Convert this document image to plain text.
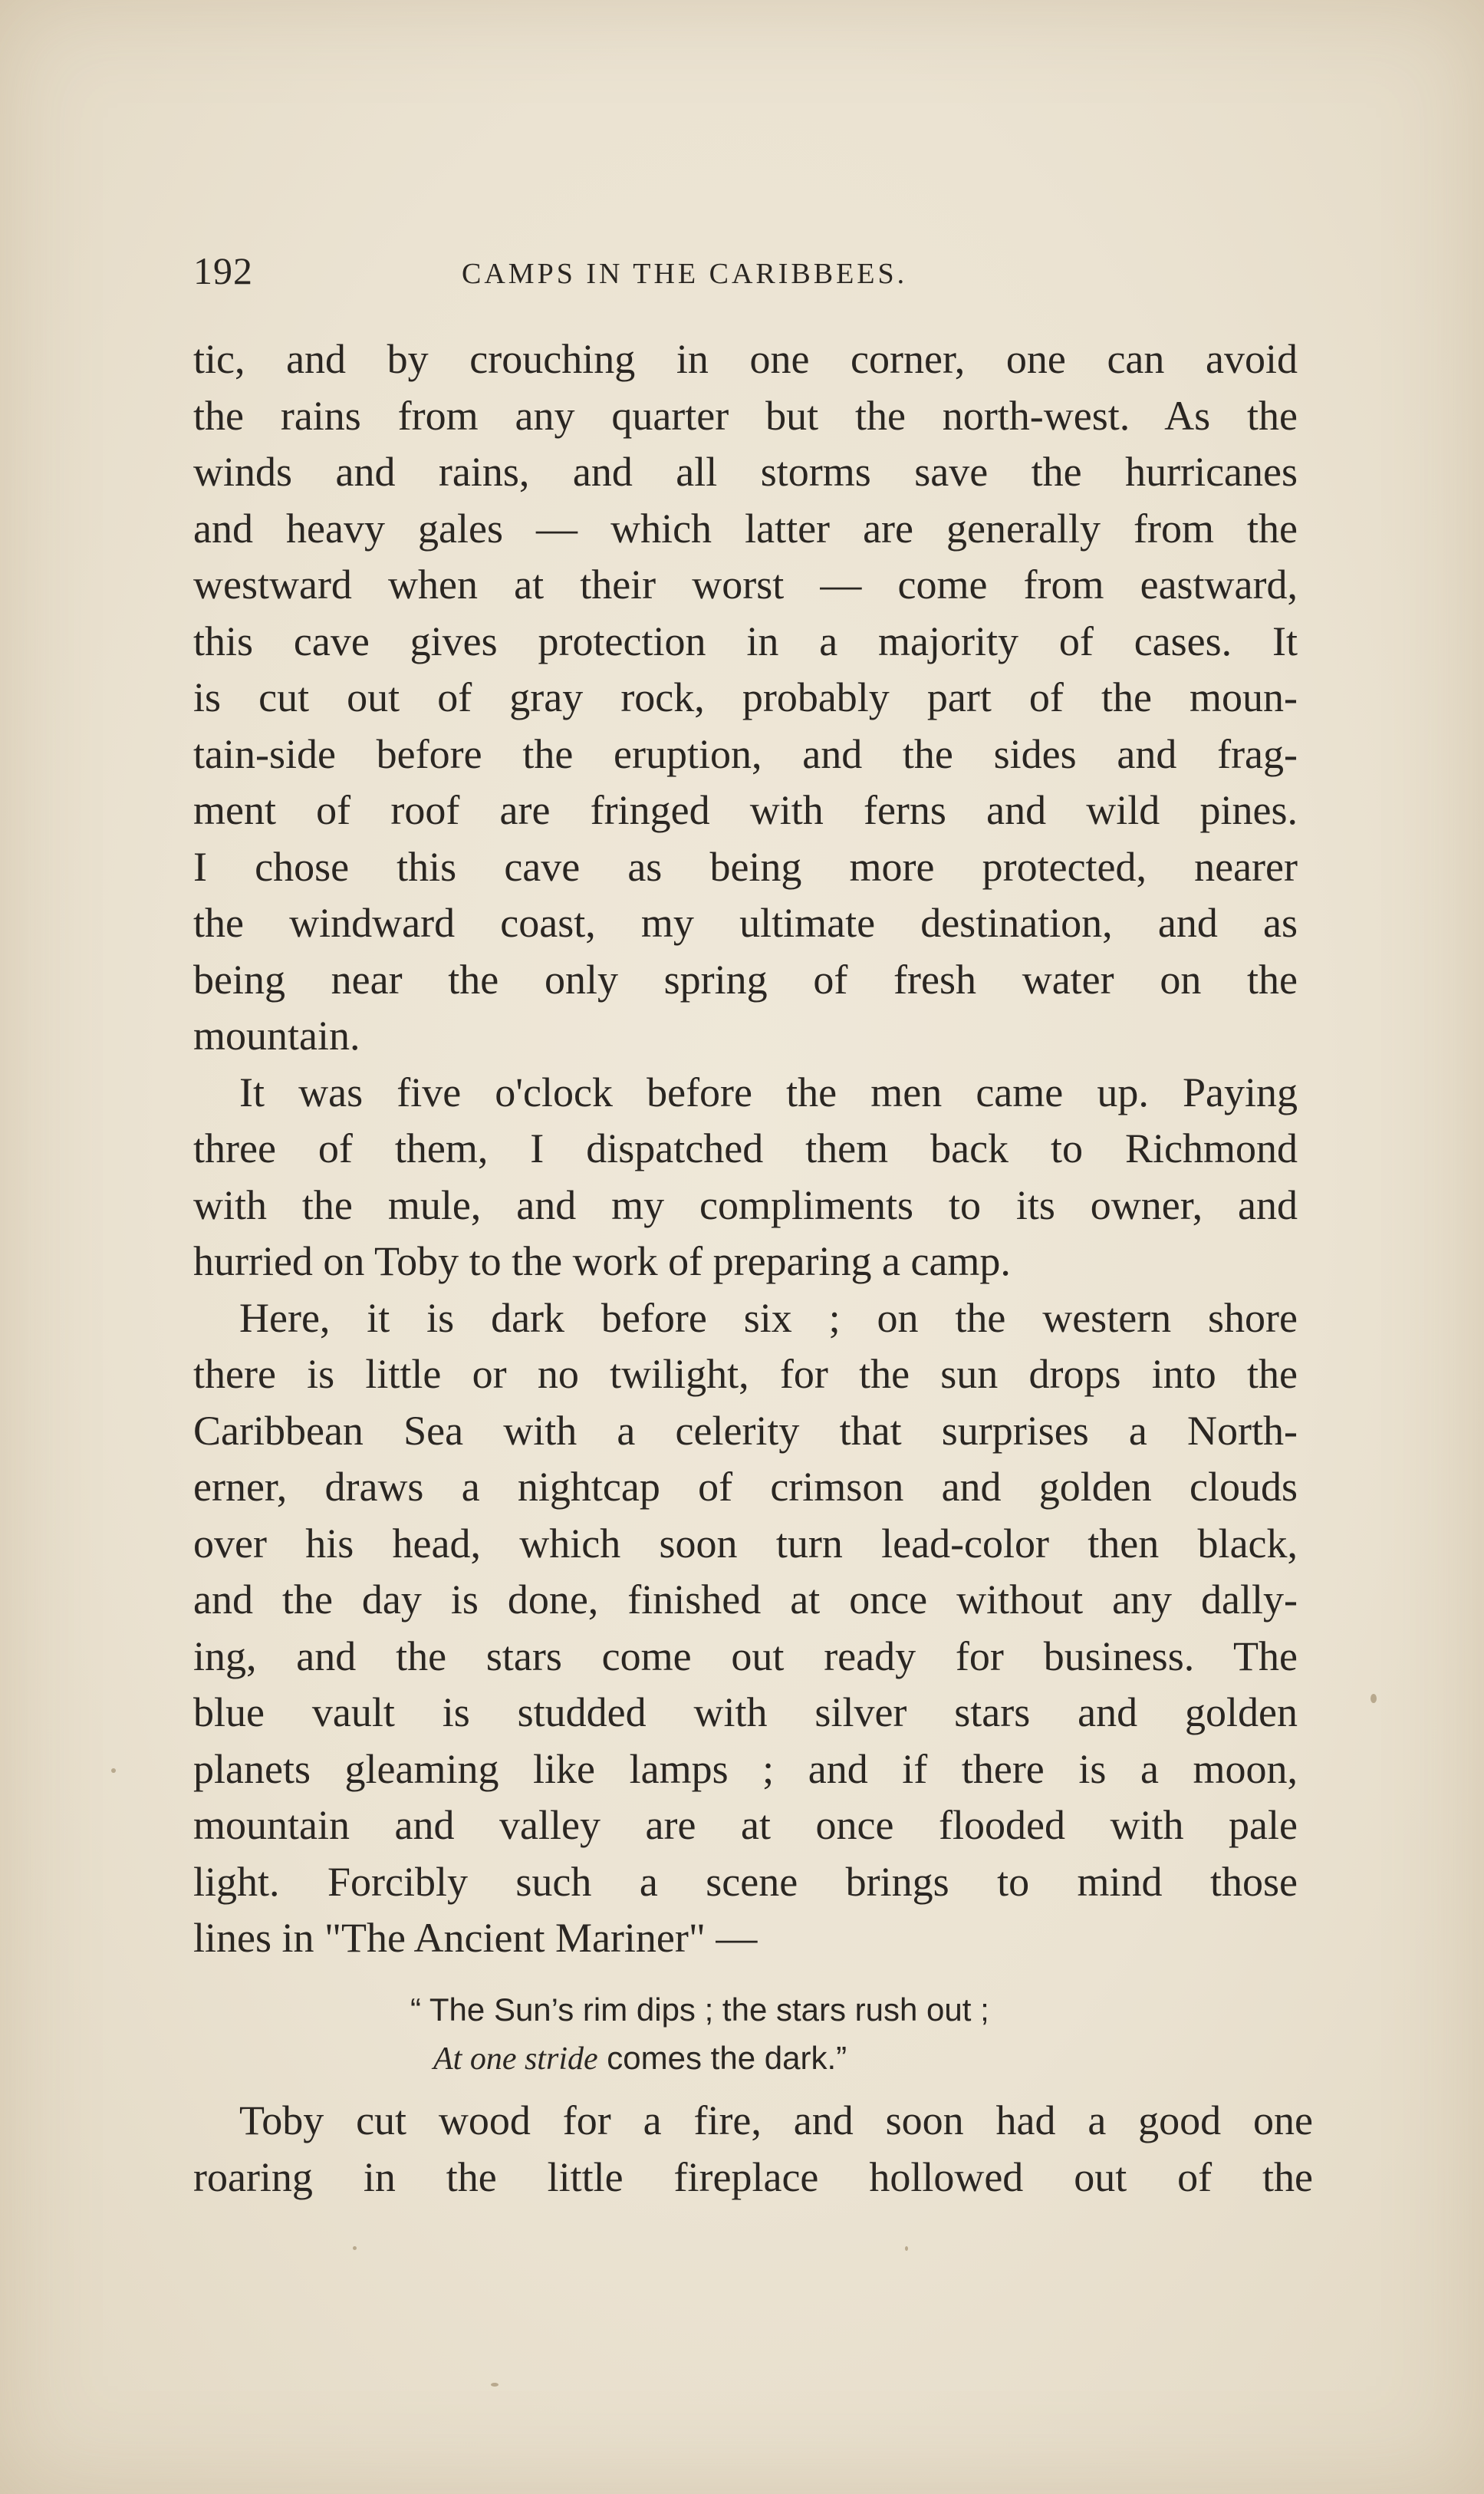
192	CAMPS IN THE CARIBBEES.
tic, and by crouching in one corner, one can avoid
the rains from any quarter but the north-west. As the
winds and rains, and all storms save the hurricanes
and heavy gales — which latter are generally from the
westward when at their worst — come from eastward,
this cave gives protection in a majority of cases. It
is cut out of gray rock, probably part of the moun-
tain-side before the eruption, and the sides and frag-
ment of roof are fringed with ferns and wild pines.
I chose this cave as being more protected, nearer
the windward coast, my ultimate destination, and as
being near the only spring of fresh water on the
mountain.
It was five o'clock before the men came up. Paying
three of them, I dispatched them back to Richmond
with the mule, and my compliments to its owner, and
hurried on Toby to the work of preparing a camp.
Here, it is dark before six ; on the western shore
there is little or no twilight, for the sun drops into the
Caribbean Sea with a celerity that surprises a North-
erner, draws a nightcap of crimson and golden clouds
over his head, which soon turn lead-color then black,
and the day is done, finished at once without any dally-
ing, and the stars come out ready for business. The
blue vault is studded with silver stars and golden
planets gleaming like lamps ; and if there is a moon,
mountain and valley are at once flooded with pale
light. Forcibly such a scene brings to mind those
lines in "The Ancient Mariner" —
“ The Sun’s rim dips ; the stars rush out ;
At one stride comes the dark.”
Toby cut wood for a fire, and soon had a good one
roaring in the little fireplace hollowed out of the
